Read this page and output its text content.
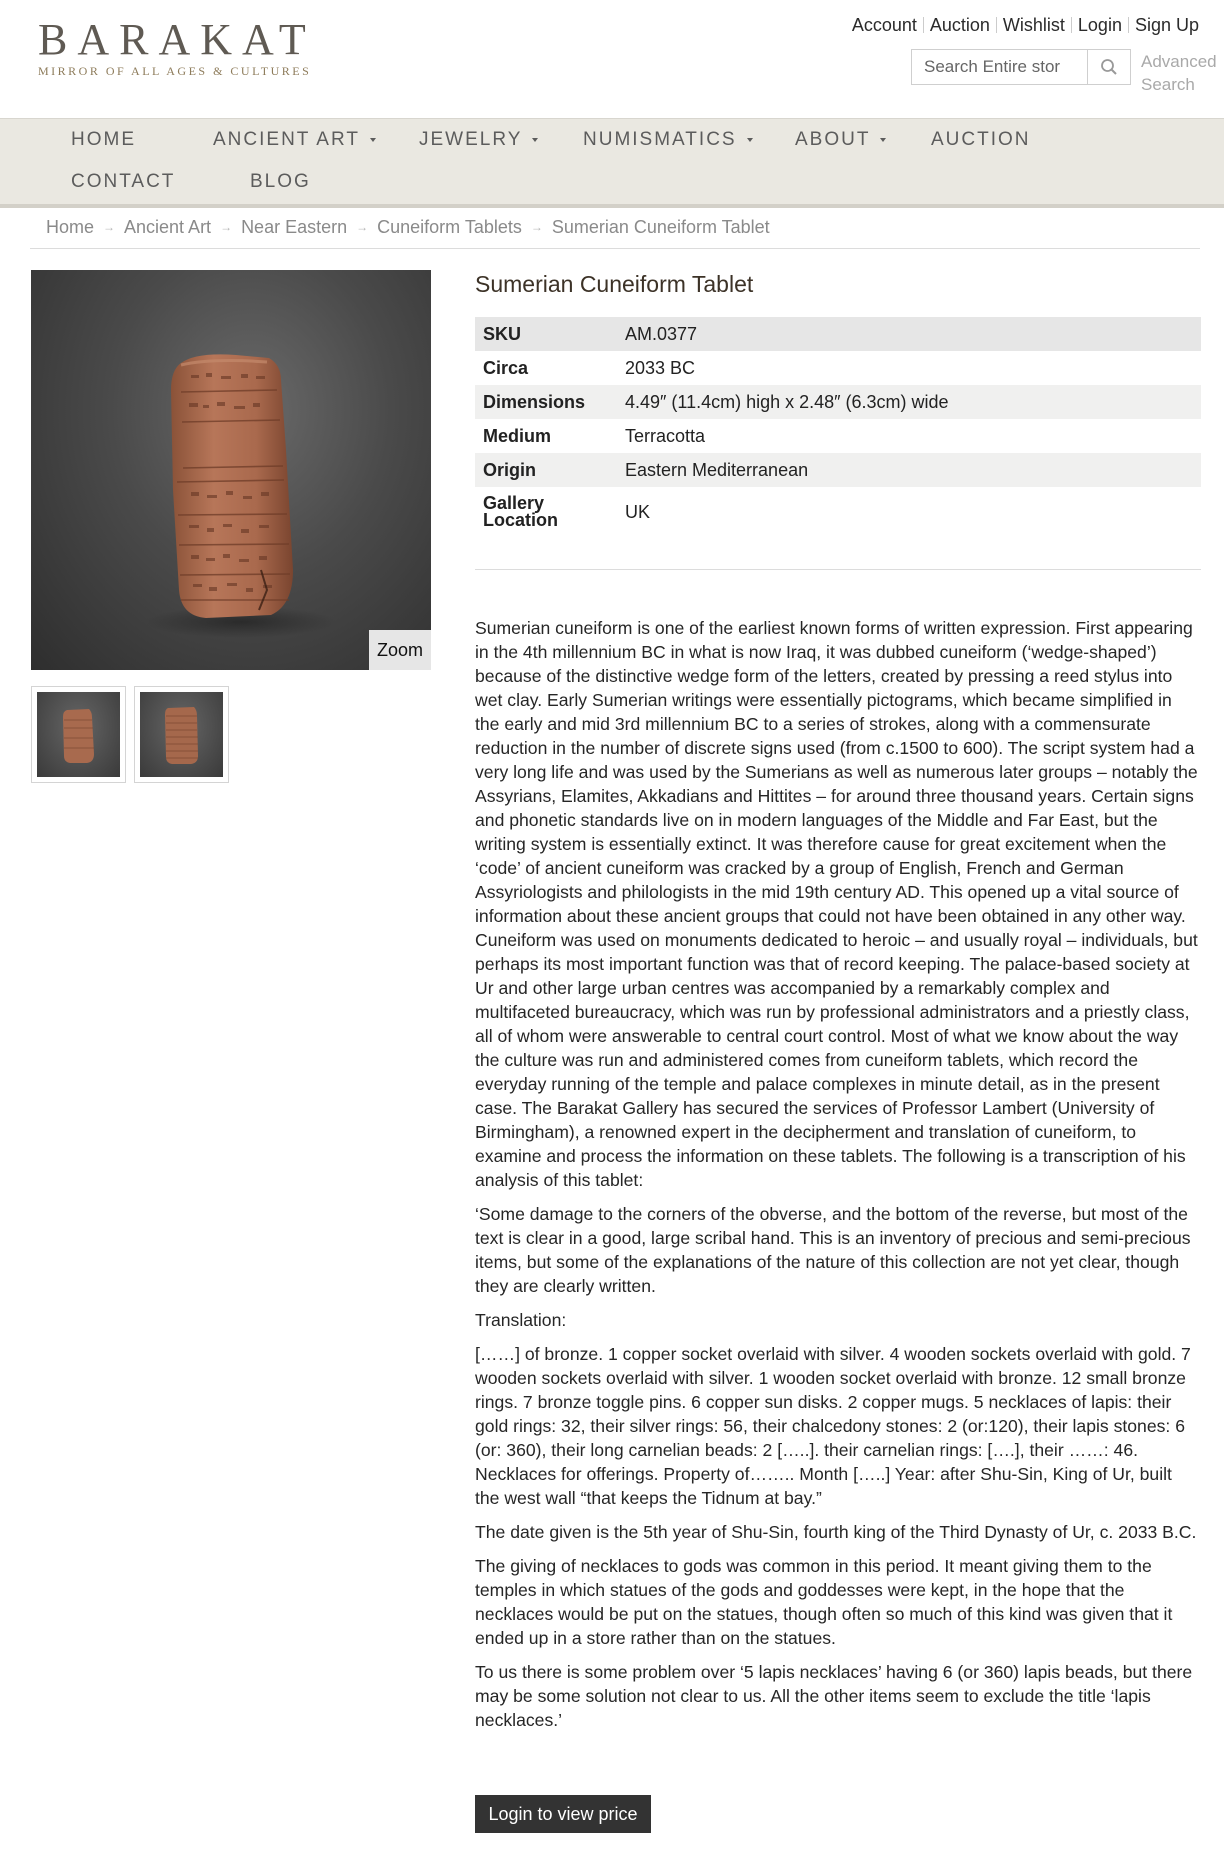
BARAKAT
MIRROR OF ALL AGES & CULTURES
Account Auction Wishlist Login Sign Up
Search Entire stor
Advanced
Search
HOME	ANCIENT ART	JEWELRY	NUMISMATICS	ABOUT	AUCTION
CONTACT	BLOG
Home → Ancient Art → Near Eastern → Cuneiform Tablets → Sumerian Cuneiform Tablet
Zoom
Sumerian Cuneiform Tablet
SKU	AM.0377
Circa	2033 BC
Dimensions	4.49″ (11.4cm) high x 2.48″ (6.3cm) wide
Medium	Terracotta
Origin	Eastern Mediterranean

Gallery
Location	UK

Sumerian cuneiform is one of the earliest known forms of written expression. First appearing in the 4th millennium BC in what is now Iraq, it was dubbed cuneiform (‘wedge-shaped’) because of the distinctive wedge form of the letters, created by pressing a reed stylus into wet clay. Early Sumerian writings were essentially pictograms, which became simplified in the early and mid 3rd millennium BC to a series of strokes, along with a commensurate reduction in the number of discrete signs used (from c.1500 to 600). The script system had a very long life and was used by the Sumerians as well as numerous later groups – notably the Assyrians, Elamites, Akkadians and Hittites – for around three thousand years. Certain signs and phonetic standards live on in modern languages of the Middle and Far East, but the writing system is essentially extinct. It was therefore cause for great excitement when the ‘code’ of ancient cuneiform was cracked by a group of English, French and German Assyriologists and philologists in the mid 19th century AD. This opened up a vital source of information about these ancient groups that could not have been obtained in any other way.

Cuneiform was used on monuments dedicated to heroic – and usually royal – individuals, but perhaps its most important function was that of record keeping. The palace-based society at Ur and other large urban centres was accompanied by a remarkably complex and multifaceted bureaucracy, which was run by professional administrators and a priestly class, all of whom were answerable to central court control. Most of what we know about the way the culture was run and administered comes from cuneiform tablets, which record the everyday running of the temple and palace complexes in minute detail, as in the present case. The Barakat Gallery has secured the services of Professor Lambert (University of Birmingham), a renowned expert in the decipherment and translation of cuneiform, to examine and process the information on these tablets. The following is a transcription of his analysis of this tablet:

‘Some damage to the corners of the obverse, and the bottom of the reverse, but most of the text is clear in a good, large scribal hand. This is an inventory of precious and semi-precious items, but some of the explanations of the nature of this collection are not yet clear, though they are clearly written.

Translation:

[……] of bronze. 1 copper socket overlaid with silver. 4 wooden sockets overlaid with gold. 7 wooden sockets overlaid with silver. 1 wooden socket overlaid with bronze. 12 small bronze rings. 7 bronze toggle pins. 6 copper sun disks. 2 copper mugs. 5 necklaces of lapis: their gold rings: 32, their silver rings: 56, their chalcedony stones: 2 (or:120), their lapis stones: 6 (or: 360), their long carnelian beads: 2 […..]. their carnelian rings: [….], their ……: 46. Necklaces for offerings. Property of…….. Month […..] Year: after Shu-Sin, King of Ur, built the west wall “that keeps the Tidnum at bay.”

The date given is the 5th year of Shu-Sin, fourth king of the Third Dynasty of Ur, c. 2033 B.C.

The giving of necklaces to gods was common in this period. It meant giving them to the temples in which statues of the gods and goddesses were kept, in the hope that the necklaces would be put on the statues, though often so much of this kind was given that it ended up in a store rather than on the statues.

To us there is some problem over ‘5 lapis necklaces’ having 6 (or 360) lapis beads, but there may be some solution not clear to us. All the other items seem to exclude the title ‘lapis necklaces.’

Login to view price
